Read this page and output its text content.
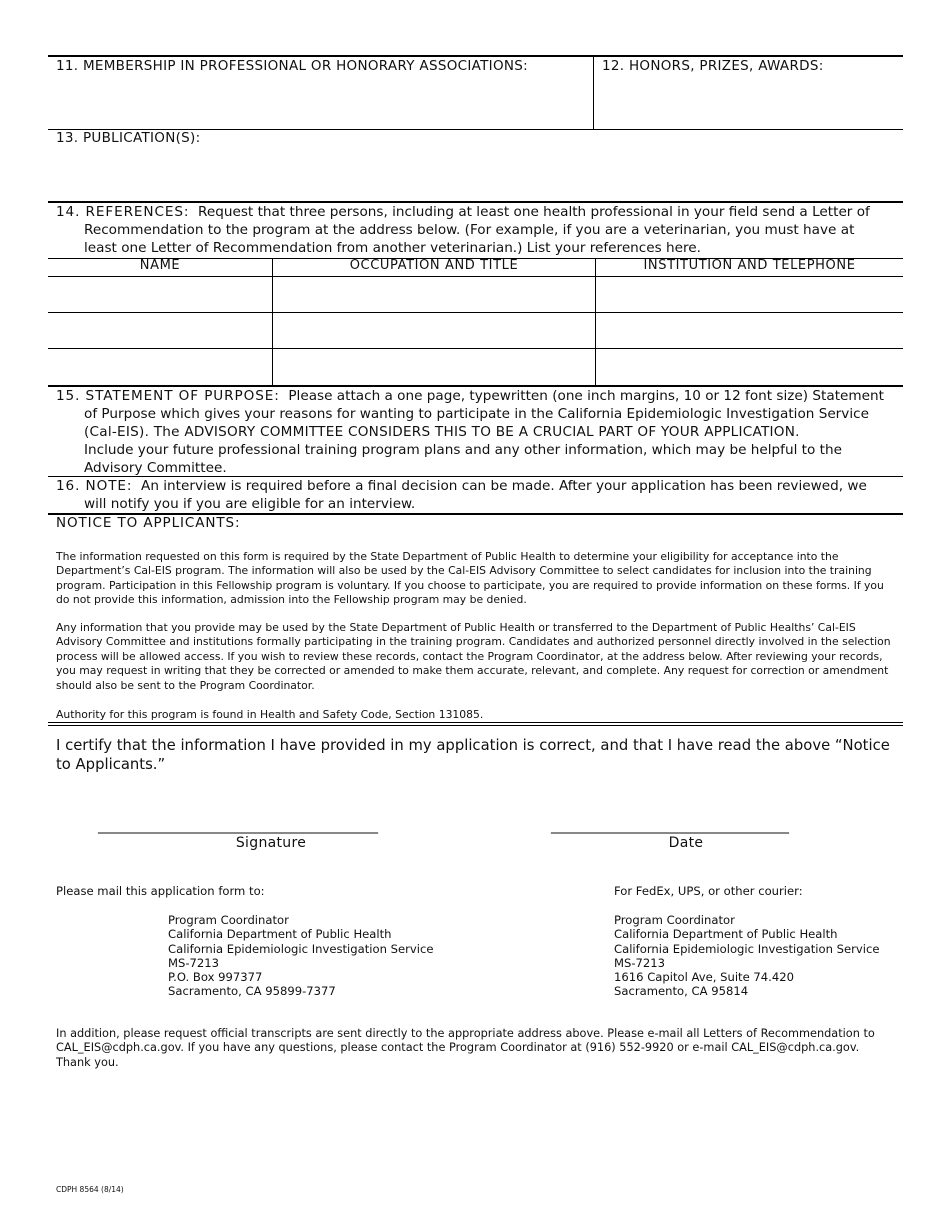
11. MEMBERSHIP IN PROFESSIONAL OR HONORARY ASSOCIATIONS:	12. HONORS, PRIZES, AWARDS:
13. PUBLICATION(S):
14. REFERENCES: Request that three persons, including at least one health professional in your field send a Letter of
Recommendation to the program at the address below. (For example, if you are a veterinarian, you must have at
least one Letter of Recommendation from another veterinarian.) List your references here.
NAME	OCCUPATION AND TITLE	INSTITUTION AND TELEPHONE
15. STATEMENT OF PURPOSE: Please attach a one page, typewritten (one inch margins, 10 or 12 font size) Statement
of Purpose which gives your reasons for wanting to participate in the California Epidemiologic Investigation Service
(Cal-EIS). The ADVISORY COMMITTEE CONSIDERS THIS TO BE A CRUCIAL PART OF YOUR APPLICATION.
Include your future professional training program plans and any other information, which may be helpful to the
Advisory Committee.
16. NOTE: An interview is required before a final decision can be made. After your application has been reviewed, we
will notify you if you are eligible for an interview.
NOTICE TO APPLICANTS:
The information requested on this form is required by the State Department of Public Health to determine your eligibility for acceptance into the Department’s Cal-EIS program. The information will also be used by the Cal-EIS Advisory Committee to select candidates for inclusion into the training program. Participation in this Fellowship program is voluntary. If you choose to participate, you are required to provide information on these forms. If you do not provide this information, admission into the Fellowship program may be denied.
Any information that you provide may be used by the State Department of Public Health or transferred to the Department of Public Healths’ Cal-EIS Advisory Committee and institutions formally participating in the training program. Candidates and authorized personnel directly involved in the selection process will be allowed access. If you wish to review these records, contact the Program Coordinator, at the address below. After reviewing your records, you may request in writing that they be corrected or amended to make them accurate, relevant, and complete. Any request for correction or amendment should also be sent to the Program Coordinator.
Authority for this program is found in Health and Safety Code, Section 131085.
I certify that the information I have provided in my application is correct, and that I have read the above “Notice
to Applicants.”
________________________________________
Signature
__________________________________
Date
Please mail this application form to:
Program Coordinator
California Department of Public Health
California Epidemiologic Investigation Service
MS-7213
P.O. Box 997377
Sacramento, CA 95899-7377
For FedEx, UPS, or other courier:
Program Coordinator
California Department of Public Health
California Epidemiologic Investigation Service
MS-7213
1616 Capitol Ave, Suite 74.420
Sacramento, CA 95814
In addition, please request official transcripts are sent directly to the appropriate address above. Please e-mail all Letters of Recommendation to
CAL_EIS@cdph.ca.gov. If you have any questions, please contact the Program Coordinator at (916) 552-9920 or e-mail CAL_EIS@cdph.ca.gov.
Thank you.
CDPH 8564 (8/14)
